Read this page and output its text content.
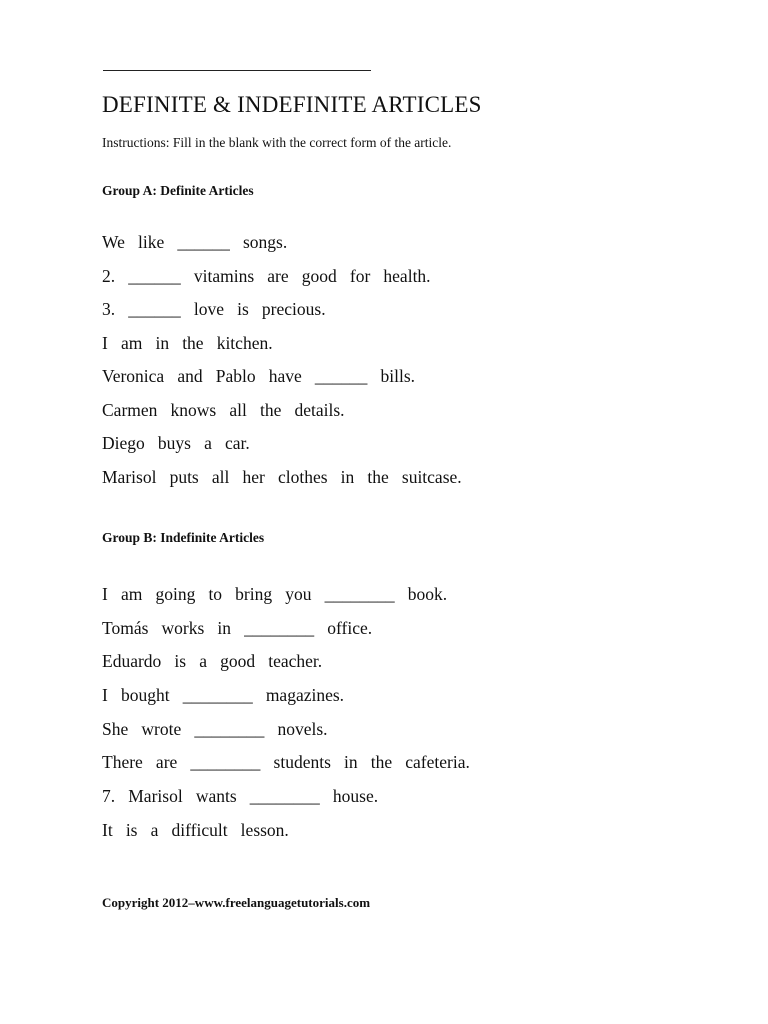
DEFINITE & INDEFINITE ARTICLES
Instructions: Fill in the blank with the correct form of the article.
Group A: Definite Articles
We   like   ______   songs.
2.   ______   vitamins   are   good   for   health.
3.   ______   love   is   precious.
I   am   in   the   kitchen.
Veronica   and   Pablo   have   ______   bills.
Carmen   knows   all   the   details.
Diego   buys   a   car.
Marisol   puts   all   her   clothes   in   the   suitcase.
Group B: Indefinite Articles
I   am   going   to   bring   you   ________   book.
Tomás   works   in   ________   office.
Eduardo   is   a   good   teacher.
I   bought   ________   magazines.
She   wrote   ________   novels.
There   are   ________   students   in   the   cafeteria.
7.   Marisol   wants   ________   house.
It   is   a   difficult   lesson.
Copyright 2012–www.freelanguagetutorials.com
